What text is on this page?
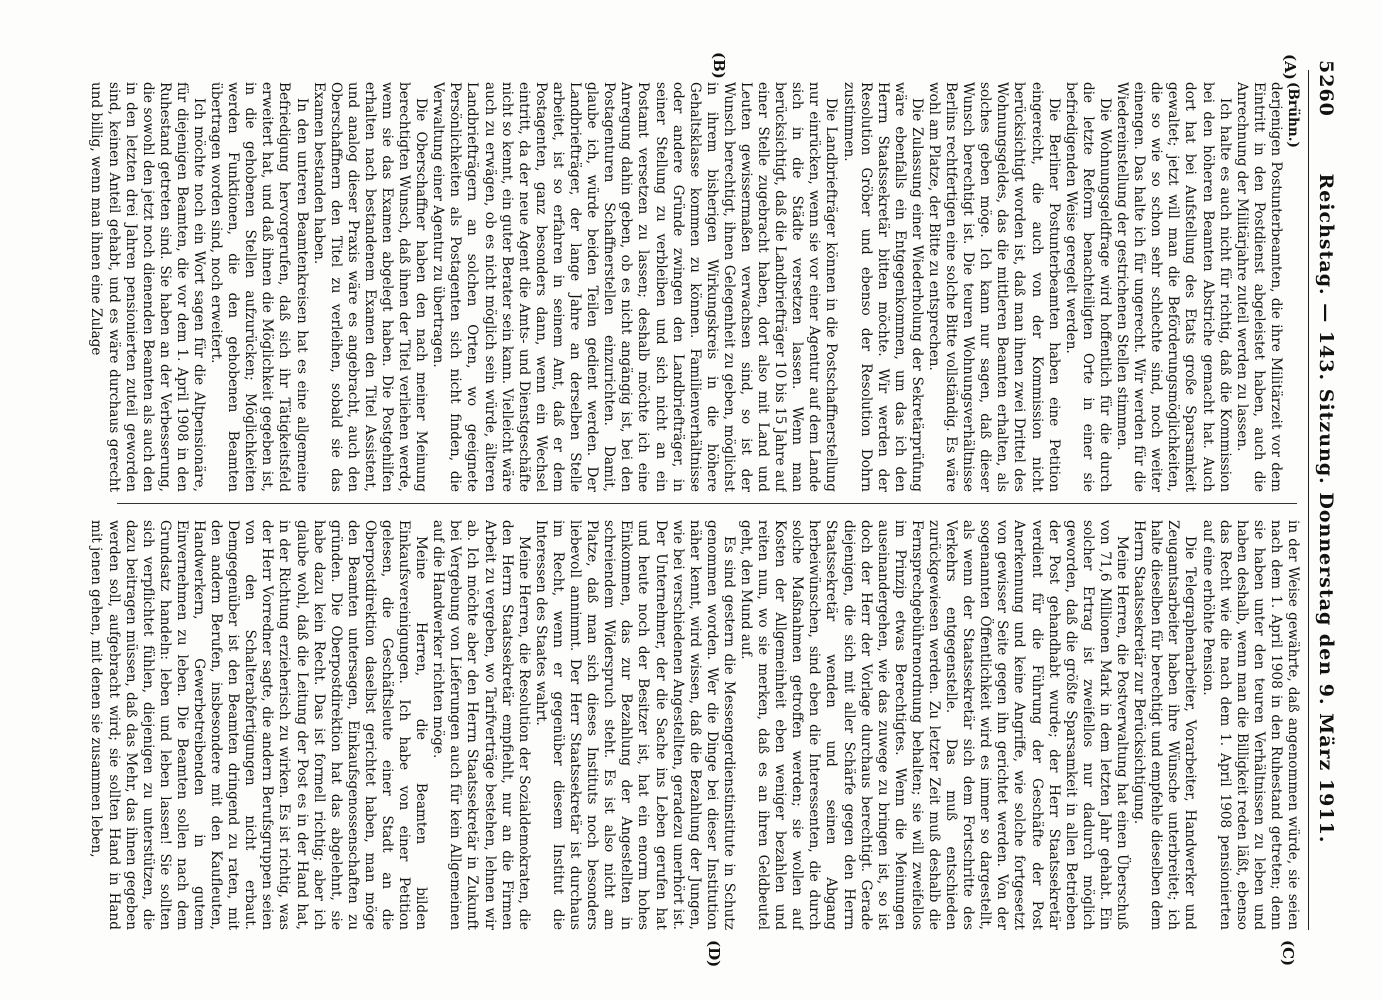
5260
Reichstag. — 143. Sitzung. Donnerstag den 9. März 1911.
(A)
(B)
(C)
(D)

(Brühn.)

derjenigen Postunterbeamten, die ihre Militärzeit vor dem Eintritt in den Postdienst abgeleistet haben, auch die Anrechnung der Militärjahre zuteil werden zu lassen.

Ich halte es auch nicht für richtig, daß die Kommission bei den höheren Beamten Abstriche gemacht hat. Auch dort hat bei Aufstellung des Etats große Sparsamkeit gewaltet; jetzt will man die Beförderungsmöglichkeiten, die so wie so schon sehr schlechte sind, noch weiter einengen. Das halte ich für ungerecht. Wir werden für die Wiedereinstellung der gestrichenen Stellen stimmen.

Die Wohnungsgeldfrage wird hoffentlich für die durch die letzte Reform benachteiligten Orte in einer sie befriedigenden Weise geregelt werden.

Die Berliner Postunterbeamten haben eine Petition eingereicht, die auch von der Kommission nicht berücksichtigt worden ist, daß man ihnen zwei Drittel des Wohnungsgeldes, das die mittleren Beamten erhalten, als solches geben möge. Ich kann nur sagen, daß dieser Wunsch berechtigt ist. Die teuren Wohnungsverhältnisse Berlins rechtfertigen eine solche Bitte vollständig. Es wäre wohl am Platze, der Bitte zu entsprechen.

Die Zulassung einer Wiederholung der Sekretärprüfung wäre ebenfalls ein Entgegenkommen, um das ich den Herrn Staatssekretär bitten möchte. Wir werden der Resolution Gröber und ebenso der Resolution Dohrn zustimmen.

Die Landbriefträger können in die Postschaffnerstellung nur einrücken, wenn sie vor einer Agentur auf dem Lande sich in die Städte versetzen lassen. Wenn man berücksichtigt, daß die Landbriefträger 10 bis 15 Jahre auf einer Stelle zugebracht haben, dort also mit Land und Leuten gewissermaßen verwachsen sind, so ist der Wunsch berechtigt, ihnen Gelegenheit zu geben, möglichst in ihrem bisherigen Wirkungskreis in die höhere Gehaltsklasse kommen zu können. Familienverhältnisse oder andere Gründe zwingen den Landbriefträger, in seiner Stellung zu verbleiben und sich nicht an ein Postamt versetzen zu lassen; deshalb möchte ich eine Anregung dahin geben, ob es nicht angängig ist, bei den Postagenturen Schaffnerstellen einzurichten. Damit, glaube ich, würde beiden Teilen gedient werden. Der Landbriefträger, der lange Jahre an derselben Stelle arbeitet, ist so erfahren in seinem Amt, daß er dem Postagenten, ganz besonders dann, wenn ein Wechsel eintritt, da der neue Agent die Amts- und Dienstgeschäfte nicht so kennt, ein guter Berater sein kann. Vielleicht wäre auch zu erwägen, ob es nicht möglich sein würde, älteren Landbriefträgern an solchen Orten, wo geeignete Persönlichkeiten als Postagenten sich nicht finden, die Verwaltung einer Agentur zu übertragen.

Die Oberschaffner haben den nach meiner Meinung berechtigten Wunsch, daß ihnen der Titel verliehen werde, wenn sie das Examen abgelegt haben. Die Postgehilfen erhalten nach bestandenem Examen den Titel Assistent, und analog dieser Praxis wäre es angebracht, auch den Oberschaffnern den Titel zu verleihen, sobald sie das Examen bestanden haben.

In den unteren Beamtenkreisen hat es eine allgemeine Befriedigung hervorgerufen, daß sich ihr Tätigkeitsfeld erweitert hat, und daß ihnen die Möglichkeit gegeben ist, in die gehobenen Stellen aufzurücken; Möglichkeiten werden Funktionen, die den gehobenen Beamten übertragen worden sind, noch erweitert.

Ich möchte noch ein Wort sagen für die Altpensionäre, für diejenigen Beamten, die vor dem 1. April 1908 in den Ruhestand getreten sind. Sie haben an der Verbesserung, die sowohl den jetzt noch dienenden Beamten als auch den in den letzten drei Jahren pensionierten zuteil geworden sind, keinen Anteil gehabt, und es wäre durchaus gerecht und billig, wenn man ihnen eine Zulage

in der Weise gewährte, daß angenommen würde, sie seien nach dem 1. April 1908 in den Ruhestand getreten; denn sie haben unter den teuren Verhältnissen zu leben und haben deshalb, wenn man die Billigkeit reden läßt, ebenso das Recht wie die nach dem 1. April 1908 pensionierten auf eine erhöhte Pension.

Die Telegraphenarbeiter, Vorarbeiter, Handwerker und Zeugamtsarbeiter haben ihre Wünsche unterbreitet; ich halte dieselben für berechtigt und empfehle dieselben dem Herrn Staatssekretär zur Berücksichtigung.

Meine Herren, die Postverwaltung hat einen Überschuß von 71,6 Millionen Mark in dem letzten Jahr gehabt. Ein solcher Ertrag ist zweifellos nur dadurch möglich geworden, daß die größte Sparsamkeit in allen Betrieben der Post gehandhabt wurde; der Herr Staatssekretär verdient für die Führung der Geschäfte der Post Anerkennung und keine Angriffe, wie solche fortgesetzt von gewisser Seite gegen ihn gerichtet werden. Von der sogenannten Öffentlichkeit wird es immer so dargestellt, als wenn der Staatssekretär sich dem Fortschritte des Verkehrs entgegenstelle. Das muß entschieden zurückgewiesen werden. Zu letzter Zeit muß deshalb die Fernsprechgebührenordnung behalten; sie will zweifellos im Prinzip etwas Berechtigtes. Wenn die Meinungen auseinandergehen, wie das zuwege zu bringen ist, so ist doch der Herr der Vorlage durchaus berechtigt. Gerade diejenigen, die sich mit aller Schärfe gegen den Herrn Staatssekretär wenden und seinen Abgang herbeiwünschen, sind eben die Interessenten, die durch solche Maßnahmen getroffen werden; sie wollen auf Kosten der Allgemeinheit eben weniger bezahlen und reiten nun, wo sie merken, daß es an ihren Geldbeutel geht, den Mund auf.

Es sind gestern die Messengerdienstinstitute in Schutz genommen worden. Wer die Dinge bei dieser Institution näher kennt, wird wissen, daß die Bezahlung der Jungen, wie bei verschiedenen Angestellten, geradezu unerhört ist. Der Unternehmer, der die Sache ins Leben gerufen hat und heute noch der Besitzer ist, hat ein enorm hohes Einkommen, das zur Bezahlung der Angestellten in schreiendem Widerspruch steht. Es ist also nicht am Platze, daß man sich dieses Instituts noch besonders liebevoll annimmt. Der Herr Staatssekretär ist durchaus im Recht, wenn er gegenüber diesem Institut die Interessen des Staates wahrt.

Meine Herren, die Resolution der Sozialdemokraten, die den Herrn Staatssekretär empfiehlt, nur an die Firmen Arbeit zu vergeben, wo Tarifverträge bestehen, lehnen wir ab. Ich möchte aber den Herrn Staatssekretär in Zukunft bei Vergebung von Lieferungen auch für kein Allgemeinen auf die Handwerker richten möge.

Meine Herren, die Beamten bilden Einkaufsvereinigungen. Ich habe von einer Petition gelesen, die Geschäftsleute einer Stadt an die Oberpostdirektion daselbst gerichtet haben, man möge den Beamten untersagen, Einkaufsgenossenschaften zu gründen. Die Oberpostdirektion hat das abgelehnt, sie habe dazu kein Recht. Das ist formell richtig; aber ich glaube wohl, daß die Leitung der Post es in der Hand hat, in der Richtung erzieherisch zu wirken. Es ist richtig, was der Herr Vorredner sagte, die andern Berufsgruppen seien von den Schalterabfertigungen nicht erbaut. Demgegenüber ist den Beamten dringend zu raten, mit den andern Berufen, insbesondere mit den Kaufleuten, Handwerkern, Gewerbetreibenden in gutem Einvernehmen zu leben. Die Beamten sollen nach dem Grundsatz handeln: leben und leben lassen! Sie sollten sich verpflichtet fühlen, diejenigen zu unterstützen, die dazu beitragen müssen, daß das Mehr, das ihnen gegeben werden soll, aufgebracht wird; sie sollten Hand in Hand mit jenen gehen, mit denen sie zusammen leben,
